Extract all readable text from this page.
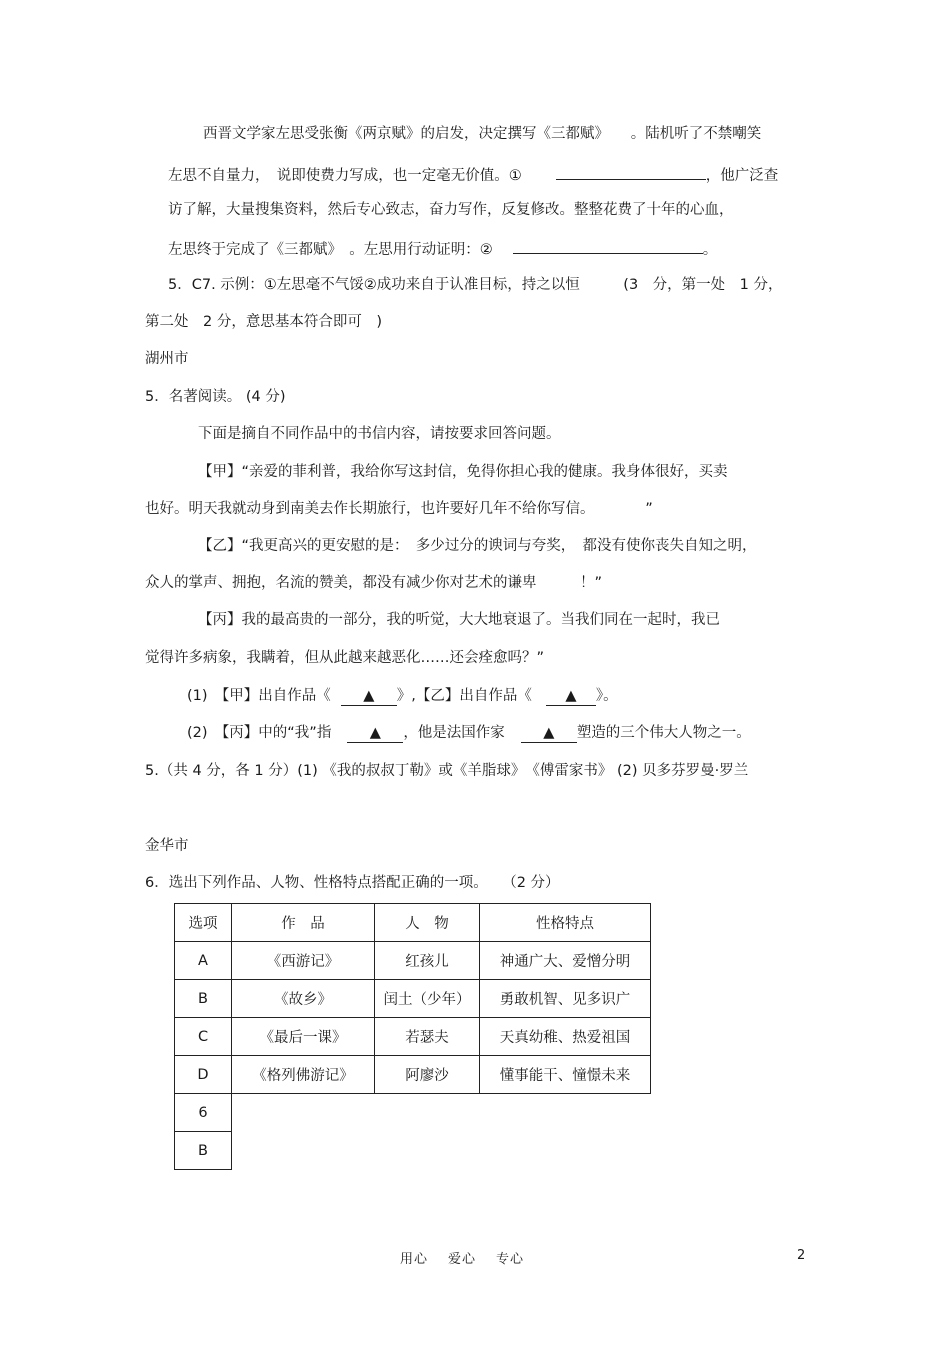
西晋文学家左思受张衡《两京赋》的启发，决定撰写《三都赋》　　。陆机听了不禁嘲笑
左思不自量力，　说即使费力写成，也一定毫无价值。①	，他广泛查
访了解，大量搜集资料，然后专心致志，奋力写作，反复修改。整整花费了十年的心血，
左思终于完成了《三都赋》　。左思用行动证明：②	。
5．C7. 示例：①左思毫不气馁②成功来自于认准目标，持之以恒　　　(3　分，第一处　1 分，
第二处　2 分，意思基本符合即可　)
湖州市
5．名著阅读。 (4 分)
下面是摘自不同作品中的书信内容，请按要求回答问题。
【甲】“亲爱的菲利普，我给你写这封信，免得你担心我的健康。我身体很好，买卖
也好。明天我就动身到南美去作长期旅行，也许要好几年不给你写信。　　　　”
【乙】“我更高兴的更安慰的是：　多少过分的谀词与夸奖，　都没有使你丧失自知之明，
众人的掌声、拥抱，名流的赞美，都没有减少你对艺术的谦卑　　　！”
【丙】我的最高贵的一部分，我的听觉，大大地衰退了。当我们同在一起时，我已
觉得许多病象，我瞒着，但从此越来越恶化……还会痊愈吗？”
(1)　【甲】出自作品《 ▲ 》,【乙】出自作品《 ▲ 》。
(2)　【丙】中的“我”指	▲ ，他是法国作家	▲ 塑造的三个伟大人物之一。
5.（共 4 分，各 1 分）(1) 《我的叔叔丁勒》或《羊脂球》　《傅雷家书》 (2) 贝多芬罗曼·罗兰
金华市
6．选出下列作品、人物、性格特点搭配正确的一项。　　（2 分）
选项	作　品	人　物	性格特点
A	《西游记》	红孩儿	神通广大、爱憎分明
B	《故乡》	闰土（少年）	勇敢机智、见多识广
C	《最后一课》	若瑟夫	天真幼稚、热爱祖国
D	《格列佛游记》	阿廖沙	懂事能干、憧憬未来
6			
B			
用心 爱心 专心	2
